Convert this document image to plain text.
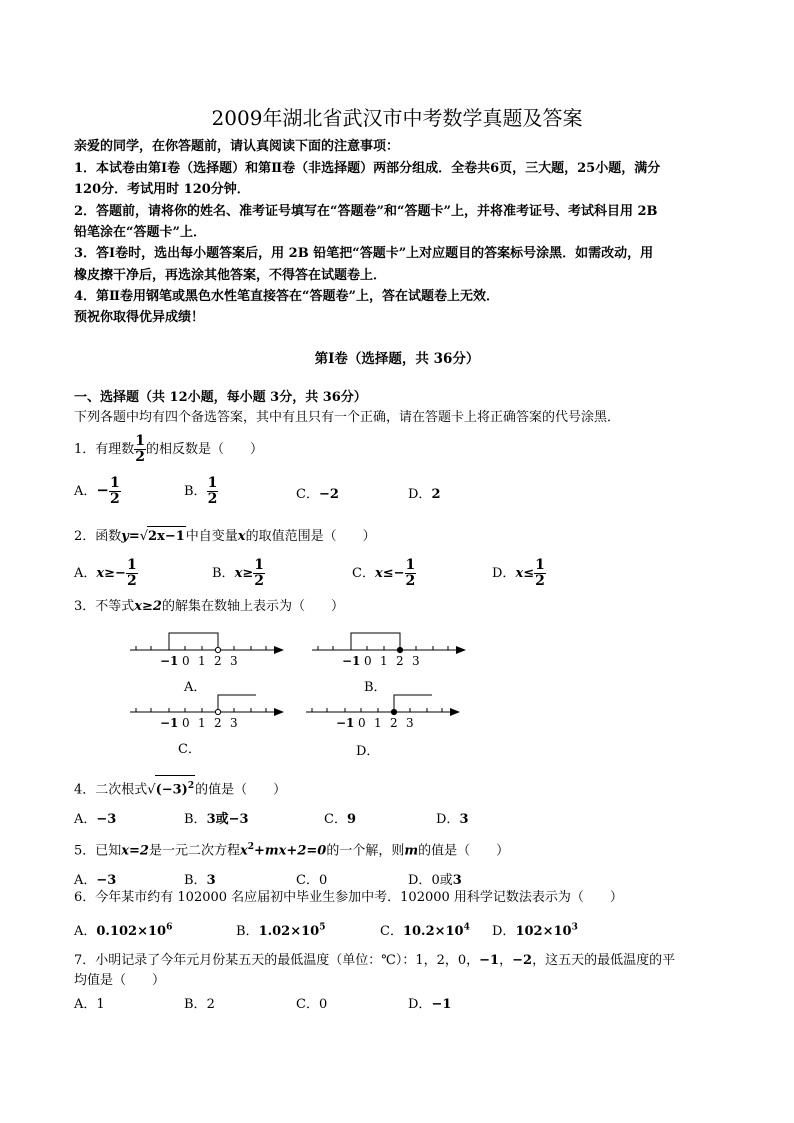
2009年湖北省武汉市中考数学真题及答案
亲爱的同学，在你答题前，请认真阅读下面的注意事项：
1．本试卷由第Ⅰ卷（选择题）和第Ⅱ卷（非选择题）两部分组成．全卷共6页，三大题，25小题，满分
120分．考试用时 120分钟．
2．答题前，请将你的姓名、准考证号填写在“答题卷”和“答题卡”上，并将准考证号、考试科目用 2B
铅笔涂在“答题卡”上．
3．答Ⅰ卷时，选出每小题答案后，用 2B 铅笔把“答题卡”上对应题目的答案标号涂黑．如需改动，用
橡皮擦干净后，再选涂其他答案，不得答在试题卷上．
4．第Ⅱ卷用钢笔或黑色水性笔直接答在“答题卷”上，答在试题卷上无效．
预祝你取得优异成绩！
第Ⅰ卷（选择题，共 36分）
一、选择题（共 12小题，每小题 3分，共 36分）
下列各题中均有四个备选答案，其中有且只有一个正确，请在答题卡上将正确答案的代号涂黑．
1．有理数 $\frac{1}{2}$ 的相反数是（　　）
A．− $\frac{1}{2}$	B． $\frac{1}{2}$	C．−2	D．2
2．函数y=√2x−1中自变量x的取值范围是（　　）
A．$x\ge- \frac{1}{2}$	B．$x\ge \frac{1}{2}$	C．$x\le- \frac{1}{2}$	D．$x\le \frac{1}{2}$
3．不等式x≥2的解集在数轴上表示为（　　）
−1 0 1 2 3
A．
−1 0 1 2 3
B．
−1 0 1 2 3
C．
−1 0 1 2 3
D．
4．二次根式$√(-3)^2$的值是（　　）
A．−3	B．3或−3	C．9	D．3
5．已知x=2是一元二次方程$x^2+mx+2=0$的一个解，则m的值是（　　）
A．−3	B．3	C．0	D．0或3
6．今年某市约有 102000 名应届初中毕业生参加中考．102000 用科学记数法表示为（　　）
A．$0.102\times 10^6$	B．$1.02\times 10^5$	C．$10.2\times 10^4$ D．$102\times 10^3$
7．小明记录了今年元月份某五天的最低温度（单位：℃）：1，2，0，−1，−2，这五天的最低温度的平
均值是（　　）
A．1	B．2	C．0	D．−1
